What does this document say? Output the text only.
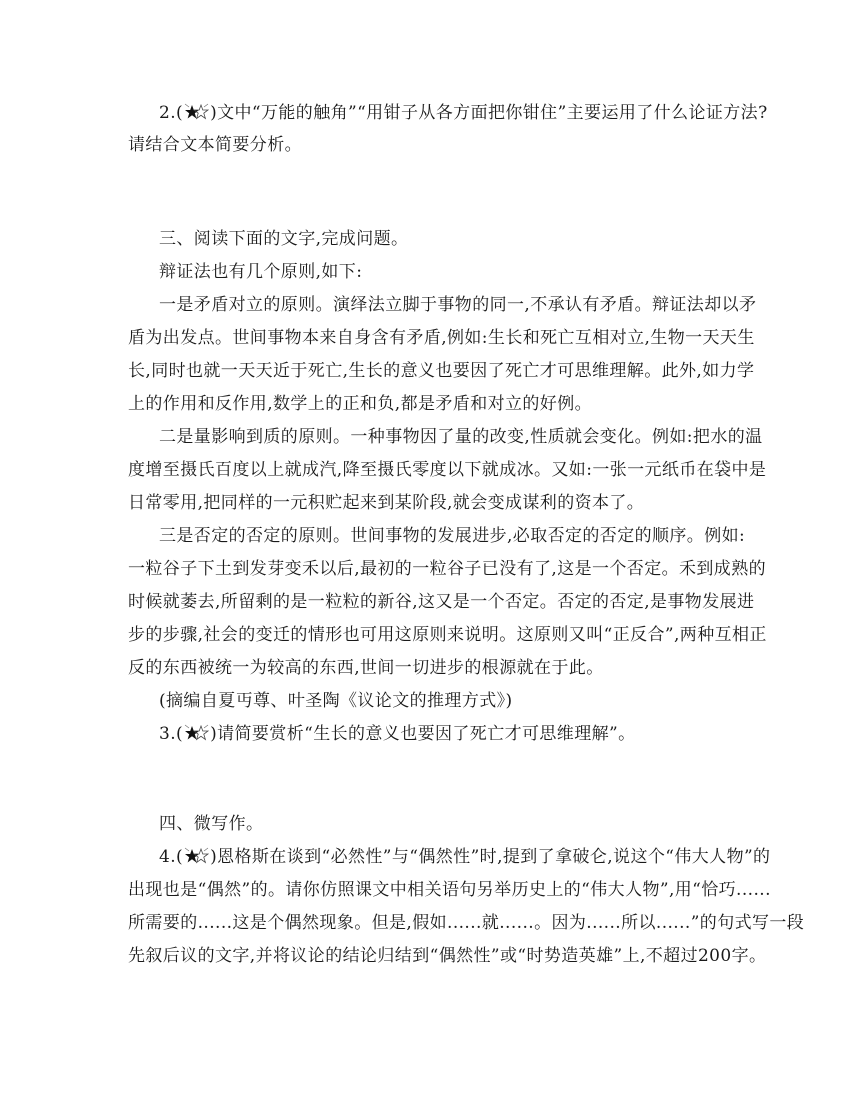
2.( )文中“万能的触角”“用钳子从各方面把你钳住”主要运用了什么论证方法?
请结合文本简要分析。
三、阅读下面的文字,完成问题。
辩证法也有几个原则,如下:
一是矛盾对立的原则。演绎法立脚于事物的同一,不承认有矛盾。辩证法却以矛
盾为出发点。世间事物本来自身含有矛盾,例如:生长和死亡互相对立,生物一天天生
长,同时也就一天天近于死亡,生长的意义也要因了死亡才可思维理解。此外,如力学
上的作用和反作用,数学上的正和负,都是矛盾和对立的好例。
二是量影响到质的原则。一种事物因了量的改变,性质就会变化。例如:把水的温
度增至摄氏百度以上就成汽,降至摄氏零度以下就成冰。又如:一张一元纸币在袋中是
日常零用,把同样的一元积贮起来到某阶段,就会变成谋利的资本了。
三是否定的否定的原则。世间事物的发展进步,必取否定的否定的顺序。例如:
一粒谷子下土到发芽变禾以后,最初的一粒谷子已没有了,这是一个否定。禾到成熟的
时候就萎去,所留剩的是一粒粒的新谷,这又是一个否定。否定的否定,是事物发展进
步的步骤,社会的变迁的情形也可用这原则来说明。这原则又叫“正反合”,两种互相正
反的东西被统一为较高的东西,世间一切进步的根源就在于此。
(摘编自夏丏尊、叶圣陶《议论文的推理方式》)
3.( )请简要赏析“生长的意义也要因了死亡才可思维理解”。
四、微写作。
4.( )恩格斯在谈到“必然性”与“偶然性”时,提到了拿破仑,说这个“伟大人物”的
出现也是“偶然”的。请你仿照课文中相关语句另举历史上的“伟大人物”,用“恰巧......
所需要的......这是个偶然现象。但是,假如......就......。因为......所以......”的句式写一段
先叙后议的文字,并将议论的结论归结到“偶然性”或“时势造英雄”上,不超过200字。
